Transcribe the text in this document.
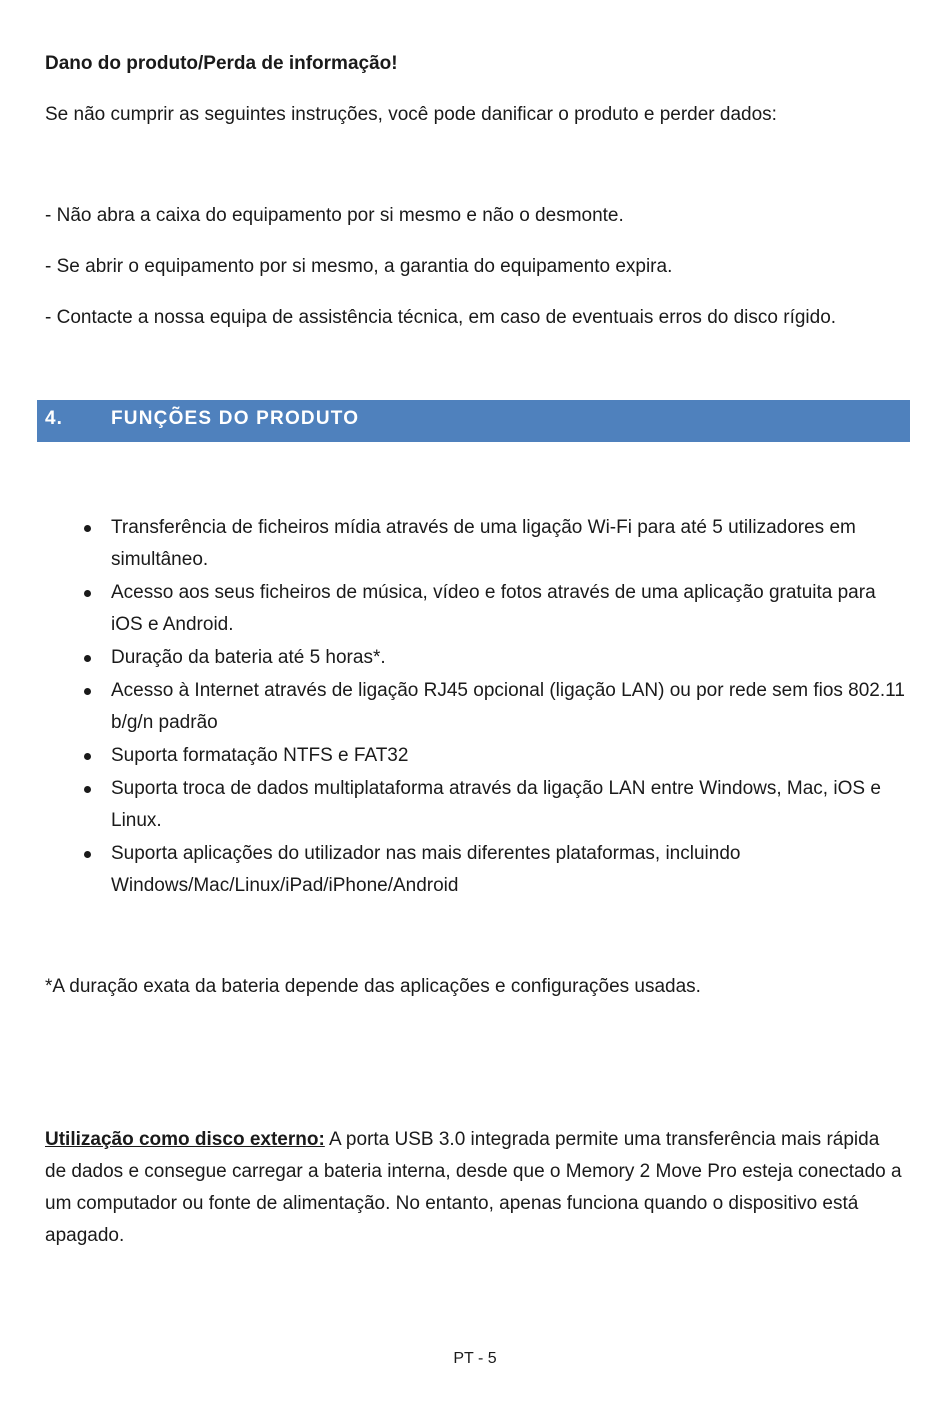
Dano do produto/Perda de informação!
Se não cumprir as seguintes instruções, você pode danificar o produto e perder dados:
- Não abra a caixa do equipamento por si mesmo e não o desmonte.
- Se abrir o equipamento por si mesmo, a garantia do equipamento expira.
- Contacte a nossa equipa de assistência técnica, em caso de eventuais erros do disco rígido.
4.	FUNÇÕES DO PRODUTO
Transferência de ficheiros mídia através de uma ligação Wi-Fi para até 5 utilizadores em simultâneo.
Acesso aos seus ficheiros de música, vídeo e fotos através de uma aplicação gratuita para iOS e Android.
Duração da bateria até 5 horas*.
Acesso à Internet através de ligação RJ45 opcional (ligação LAN) ou por rede sem fios 802.11 b/g/n padrão
Suporta formatação NTFS e FAT32
Suporta troca de dados multiplataforma através da ligação LAN entre Windows, Mac, iOS e Linux.
Suporta aplicações do utilizador nas mais diferentes plataformas, incluindo Windows/Mac/Linux/iPad/iPhone/Android
*A duração exata da bateria depende das aplicações e configurações usadas.
Utilização como disco externo: A porta USB 3.0 integrada permite uma transferência mais rápida de dados e consegue carregar a bateria interna, desde que o Memory 2 Move Pro esteja conectado a um computador ou fonte de alimentação. No entanto, apenas funciona quando o dispositivo está apagado.
PT - 5
